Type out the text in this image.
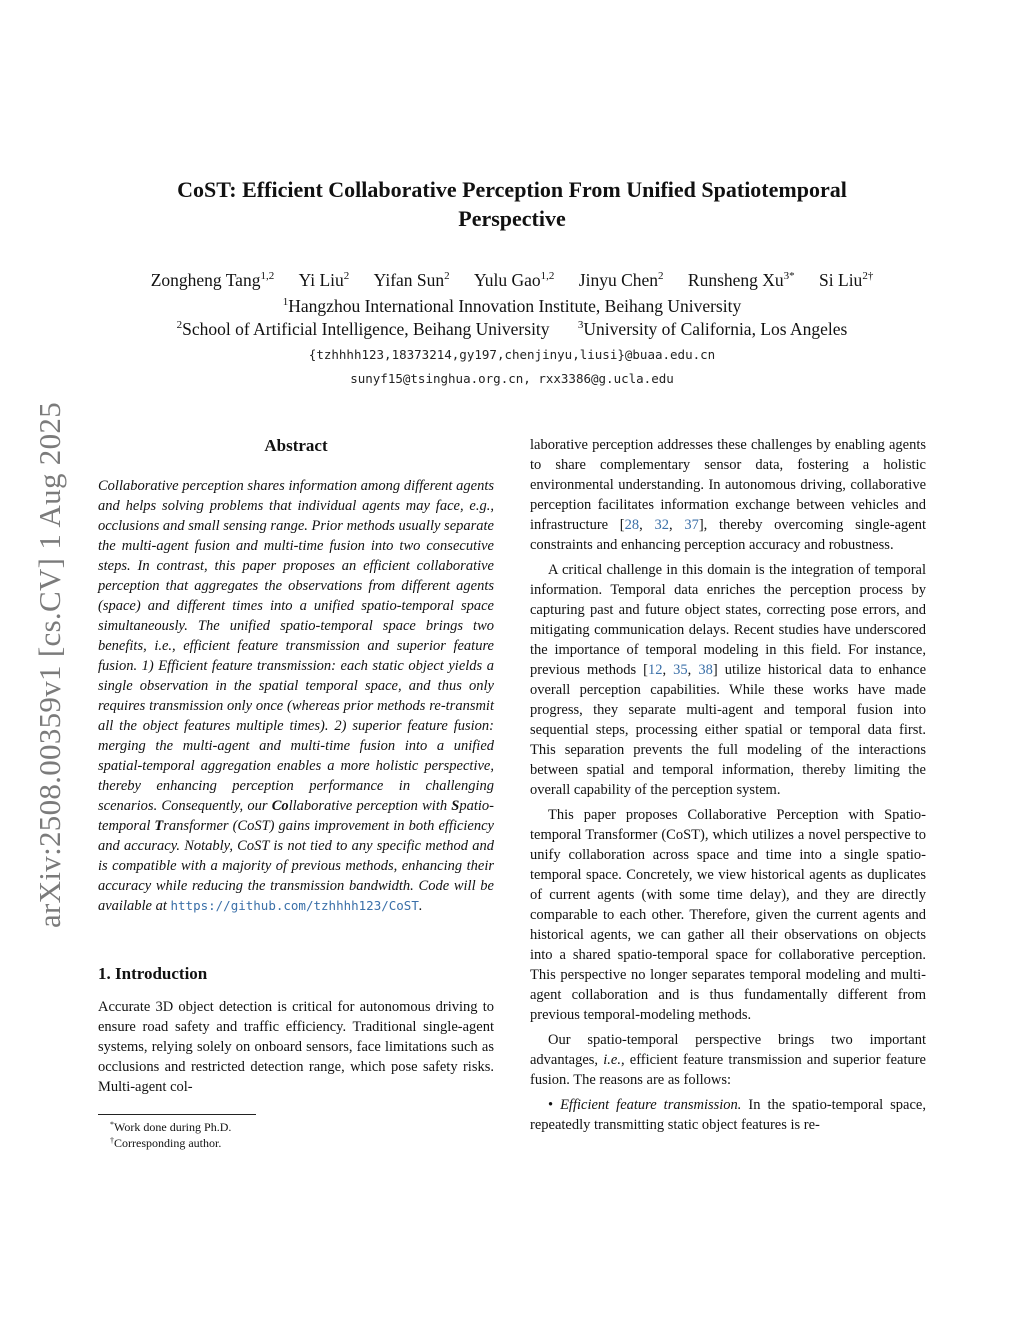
arXiv:2508.00359v1 [cs.CV] 1 Aug 2025
CoST: Efficient Collaborative Perception From Unified Spatiotemporal
Perspective
Zongheng Tang$^{1,2}$ Yi Liu$^2$ Yifan Sun$^2$ Yulu Gao$^{1,2}$ Jinyu Chen$^2$ Runsheng $Xu^{3*}$ Si Liu$^{2\dagger}$
$^1$Hangzhou International Innovation Institute, Beihang University
$^2$School of Artificial Intelligence, Beihang University	$^3$University of California, Los Angeles
{tzhhhh123,18373214,gy197,chenjinyu,liusi}@buaa.edu.cn
sunyf15@tsinghua.org.cn, rxx3386@g.ucla.edu
Abstract

Collaborative perception shares information among different agents and helps solving problems that individual agents may face, e.g., occlusions and small sensing range. Prior methods usually separate the multi-agent fusion and multi-time fusion into two consecutive steps. In contrast, this paper proposes an efficient collaborative perception that aggregates the observations from different agents (space) and different times into a unified spatio-temporal space simultaneously. The unified spatio-temporal space brings two benefits, i.e., efficient feature transmission and superior feature fusion. 1) Efficient feature transmission: each static object yields a single observation in the spatial temporal space, and thus only requires transmission only once (whereas prior methods re-transmit all the object features multiple times). 2) superior feature fusion: merging the multi-agent and multi-time fusion into a unified spatial-temporal aggregation enables a more holistic perspective, thereby enhancing perception performance in challenging scenarios. Consequently, our Collaborative perception with Spatio-temporal Transformer (CoST) gains improvement in both efficiency and accuracy. Notably, CoST is not tied to any specific method and is compatible with a majority of previous methods, enhancing their accuracy while reducing the transmission bandwidth. Code will be available at https://github.com/tzhhhh123/CoST.

1. Introduction

Accurate 3D object detection is critical for autonomous driving to ensure road safety and traffic efficiency. Traditional single-agent systems, relying solely on onboard sensors, face limitations such as occlusions and restricted detection range, which pose safety risks. Multi-agent col-

*Work done during Ph.D.
†Corresponding author.

laborative perception addresses these challenges by enabling agents to share complementary sensor data, fostering a holistic environmental understanding. In autonomous driving, collaborative perception facilitates information exchange between vehicles and infrastructure [28, 32, 37], thereby overcoming single-agent constraints and enhancing perception accuracy and robustness.

A critical challenge in this domain is the integration of temporal information. Temporal data enriches the perception process by capturing past and future object states, correcting pose errors, and mitigating communication delays. Recent studies have underscored the importance of temporal modeling in this field. For instance, previous methods [12, 35, 38] utilize historical data to enhance overall perception capabilities. While these works have made progress, they separate multi-agent and temporal fusion into sequential steps, processing either spatial or temporal data first. This separation prevents the full modeling of the interactions between spatial and temporal information, thereby limiting the overall capability of the perception system.

This paper proposes Collaborative Perception with Spatio-temporal Transformer (CoST), which utilizes a novel perspective to unify collaboration across space and time into a single spatio-temporal space. Concretely, we view historical agents as duplicates of current agents (with some time delay), and they are directly comparable to each other. Therefore, given the current agents and historical agents, we can gather all their observations on objects into a shared spatio-temporal space for collaborative perception. This perspective no longer separates temporal modeling and multi-agent collaboration and is thus fundamentally different from previous temporal-modeling methods.

Our spatio-temporal perspective brings two important advantages, i.e., efficient feature transmission and superior feature fusion. The reasons are as follows:

• Efficient feature transmission. In the spatio-temporal space, repeatedly transmitting static object features is re-
